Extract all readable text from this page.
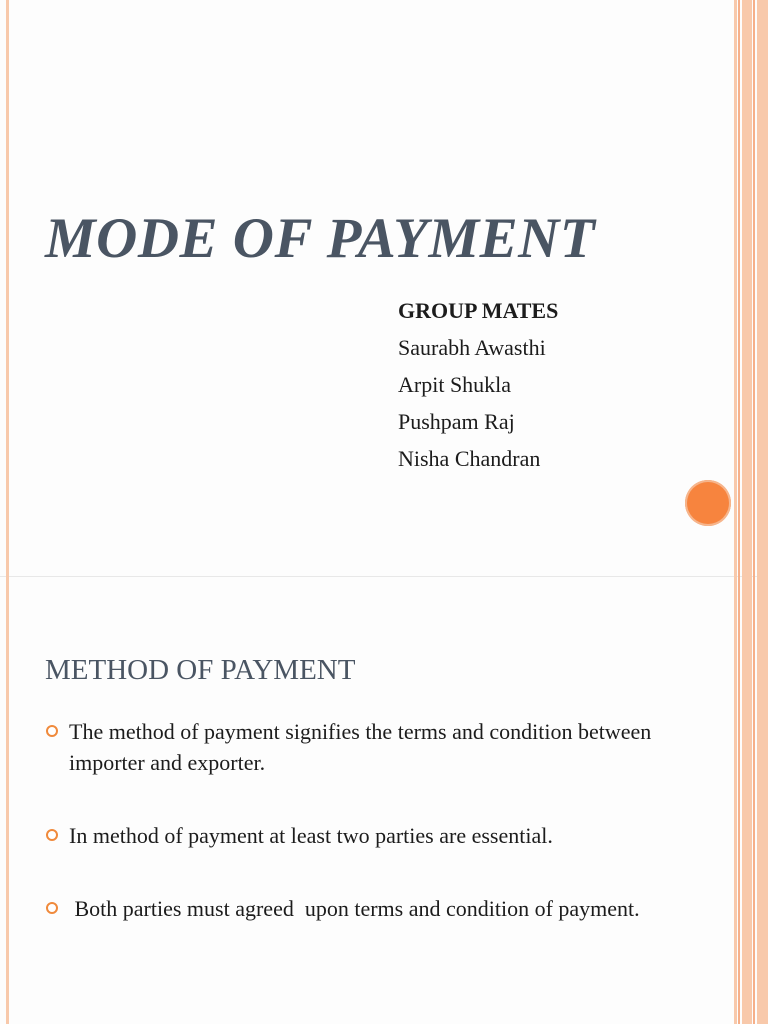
MODE OF PAYMENT
GROUP MATES
Saurabh Awasthi
Arpit Shukla
Pushpam Raj
Nisha Chandran
METHOD OF PAYMENT
The method of payment signifies the terms and condition between importer and exporter.
In method of payment at least two parties are essential.
Both parties must agreed  upon terms and condition of payment.
